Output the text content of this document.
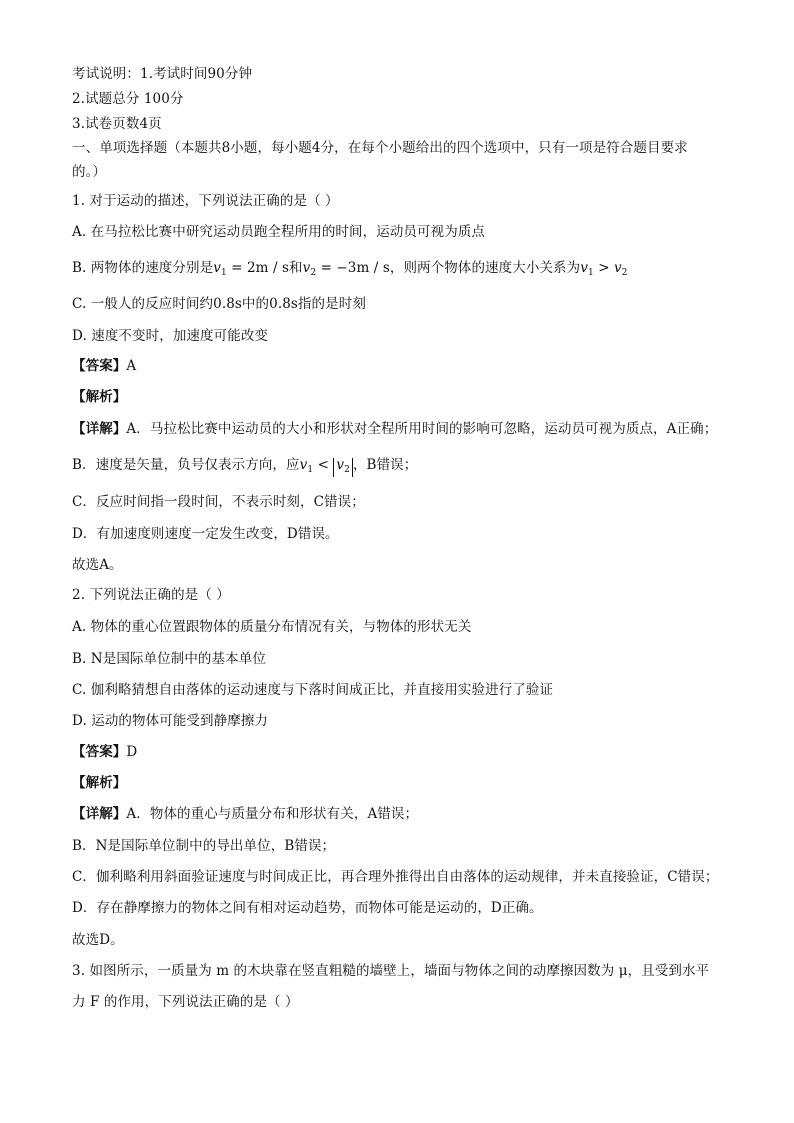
考试说明：1.考试时间90分钟
2.试题总分 100分
3.试卷页数4页
一、单项选择题（本题共8小题，每小题4分，在每个小题给出的四个选项中，只有一项是符合题目要求
的。）
1. 对于运动的描述，下列说法正确的是（ ）
A. 在马拉松比赛中研究运动员跑全程所用的时间，运动员可视为质点
B. 两物体的速度分别是$v_1 = 2m / s$和$v_2 = -3m / s$，则两个物体的速度大小关系为$v_1 > v_2$
C. 一般人的反应时间约0.8s中的0.8s指的是时刻
D. 速度不变时，加速度可能改变
【答案】A
【解析】
【详解】A．马拉松比赛中运动员的大小和形状对全程所用时间的影响可忽略，运动员可视为质点，A正确；
B．速度是矢量，负号仅表示方向，应$v_1 < v_2$ ，B错误；
C．反应时间指一段时间，不表示时刻，C错误；
D．有加速度则速度一定发生改变，D错误。
故选A。
2. 下列说法正确的是（ ）
A. 物体的重心位置跟物体的质量分布情况有关，与物体的形状无关
B. N是国际单位制中的基本单位
C. 伽利略猜想自由落体的运动速度与下落时间成正比，并直接用实验进行了验证
D. 运动的物体可能受到静摩擦力
【答案】D
【解析】
【详解】A．物体的重心与质量分布和形状有关，A错误；
B．N是国际单位制中的导出单位，B错误；
C．伽利略利用斜面验证速度与时间成正比，再合理外推得出自由落体的运动规律，并未直接验证，C错误；
D．存在静摩擦力的物体之间有相对运动趋势，而物体可能是运动的，D正确。
故选D。
3. 如图所示，一质量为 m 的木块靠在竖直粗糙的墙壁上，墙面与物体之间的动摩擦因数为 μ，且受到水平
力 F 的作用，下列说法正确的是（ ）
